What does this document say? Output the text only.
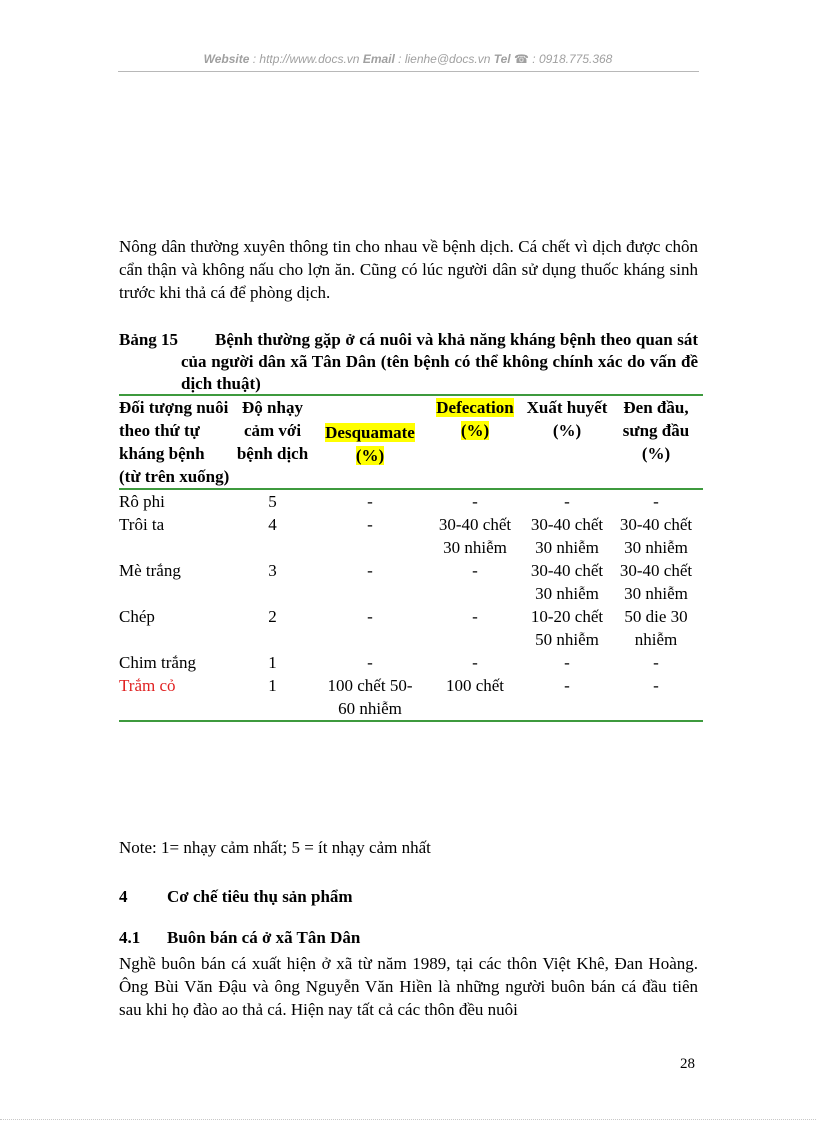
Website : http://www.docs.vn Email : lienhe@docs.vn Tel ☎ : 0918.775.368

Nông dân thường xuyên thông tin cho nhau về bệnh dịch. Cá chết vì dịch được chôn cẩn thận và không nấu cho lợn ăn. Cũng có lúc người dân sử dụng thuốc kháng sinh trước khi thả cá để phòng dịch.

Bảng 15	Bệnh thường gặp ở cá nuôi và khả năng kháng bệnh theo quan sát của người dân xã Tân Dân (tên bệnh có thể không chính xác do vấn đề dịch thuật)
Đối tượng nuôi theo thứ tự kháng bệnh (từ trên xuống)	Độ nhạy cảm với bệnh dịch	Desquamate (%)	Defecation (%)	Xuất huyết (%)	Đen đầu, sưng đầu (%)
Rô phi	5	-	-	-	-
Trôi ta	4	-	30-40 chết 30 nhiễm	30-40 chết 30 nhiễm	30-40 chết 30 nhiễm
Mè trắng	3	-	-	30-40 chết 30 nhiễm	30-40 chết 30 nhiễm
Chép	2	-	-	10-20 chết 50 nhiễm	50 die 30 nhiễm
Chim trắng	1	-	-	-	-
Trắm cỏ	1	100 chết 50-60 nhiễm	100 chết	-	-
Note: 1= nhạy cảm nhất; 5 = ít nhạy cảm nhất
4 Cơ chế tiêu thụ sản phẩm
4.1 Buôn bán cá ở xã Tân Dân

Nghề buôn bán cá xuất hiện ở xã từ năm 1989, tại các thôn Việt Khê, Đan Hoàng. Ông Bùi Văn Đậu và ông Nguyễn Văn Hiền là những người buôn bán cá đầu tiên sau khi họ đào ao thả cá. Hiện nay tất cả các thôn đều nuôi

28
